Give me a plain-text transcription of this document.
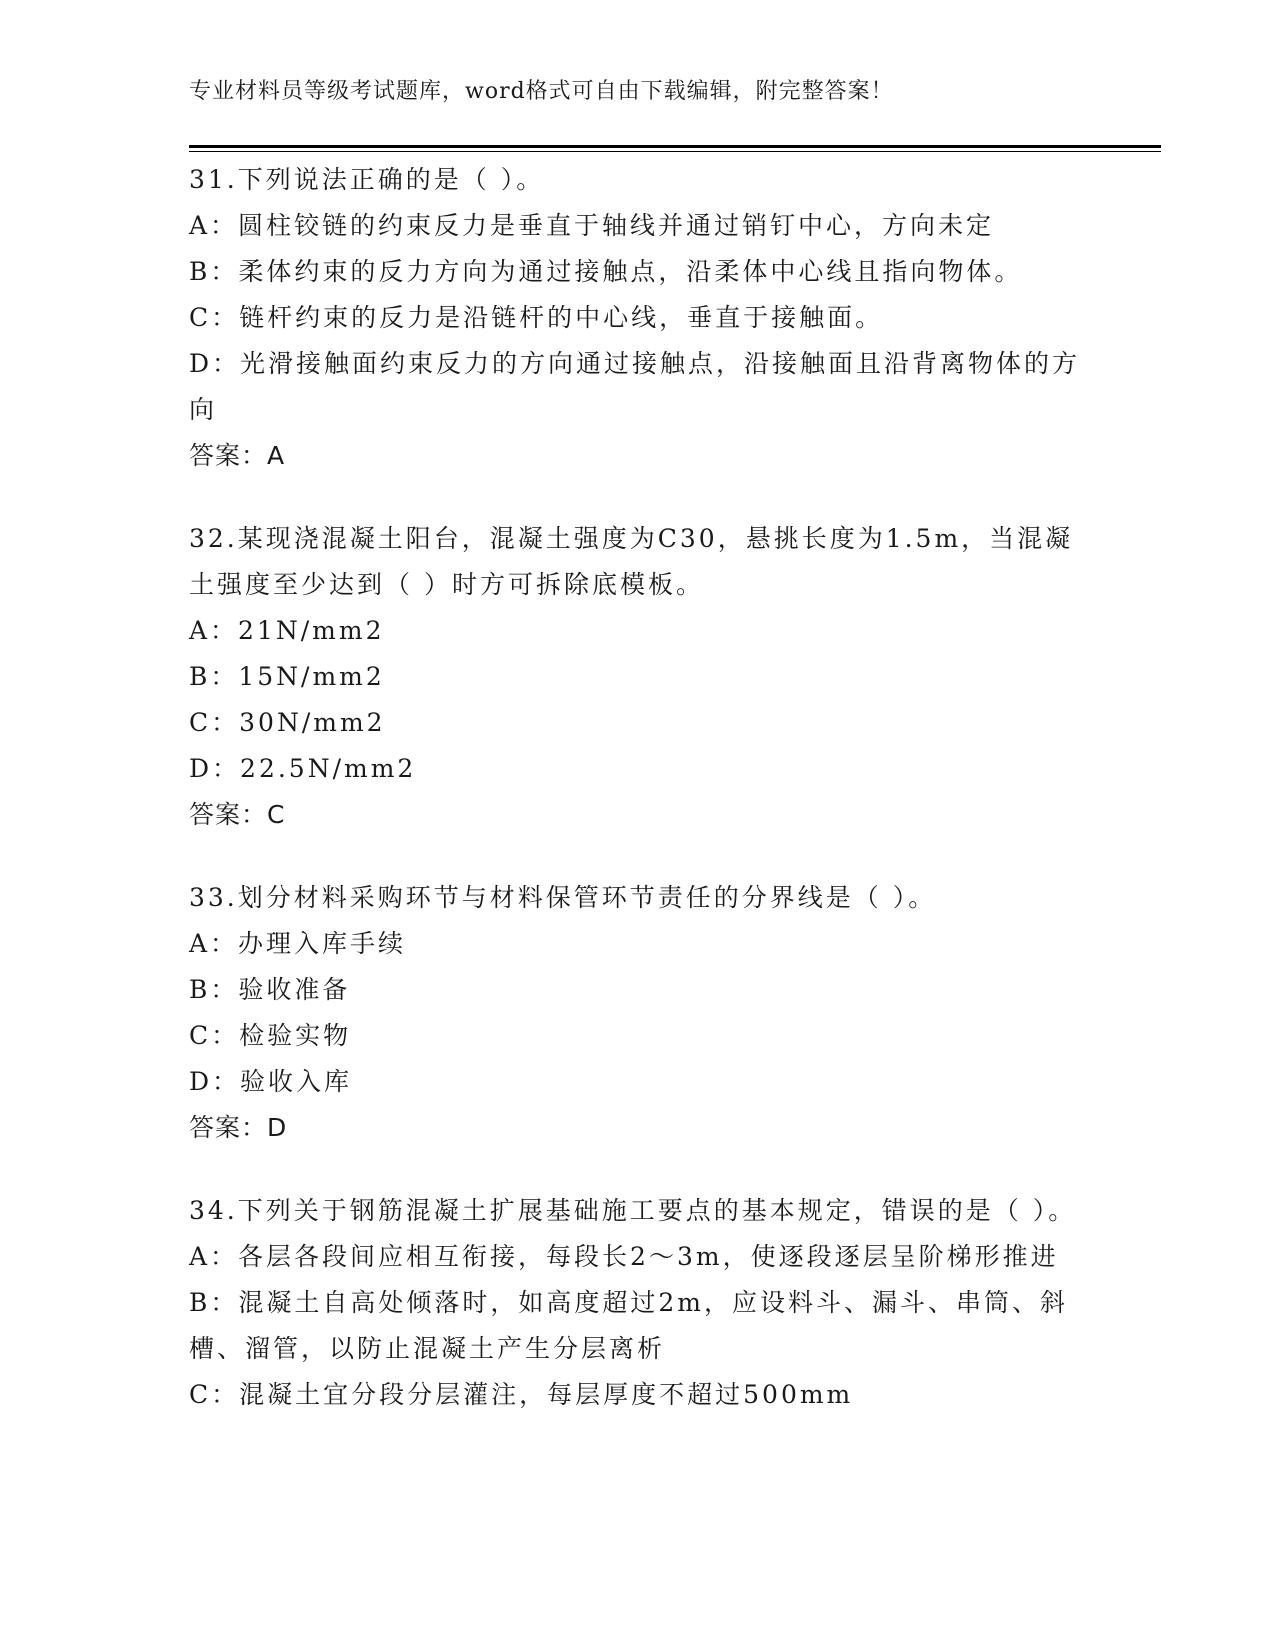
专业材料员等级考试题库，word格式可自由下载编辑，附完整答案！

31.下列说法正确的是（ ）。

A：圆柱铰链的约束反力是垂直于轴线并通过销钉中心，方向未定

B：柔体约束的反力方向为通过接触点，沿柔体中心线且指向物体。

C：链杆约束的反力是沿链杆的中心线，垂直于接触面。

D：光滑接触面约束反力的方向通过接触点，沿接触面且沿背离物体的方向

答案：A

32.某现浇混凝土阳台，混凝土强度为C30，悬挑长度为1.5m，当混凝土强度至少达到（ ）时方可拆除底模板。

A：21N/mm2

B：15N/mm2

C：30N/mm2

D：22.5N/mm2

答案：C

33.划分材料采购环节与材料保管环节责任的分界线是（ ）。

A：办理入库手续

B：验收准备

C：检验实物

D：验收入库

答案：D

34.下列关于钢筋混凝土扩展基础施工要点的基本规定，错误的是（ ）。

A：各层各段间应相互衔接，每段长2～3m，使逐段逐层呈阶梯形推进

B：混凝土自高处倾落时，如高度超过2m，应设料斗、漏斗、串筒、斜槽、溜管，以防止混凝土产生分层离析

C：混凝土宜分段分层灌注，每层厚度不超过500mm
